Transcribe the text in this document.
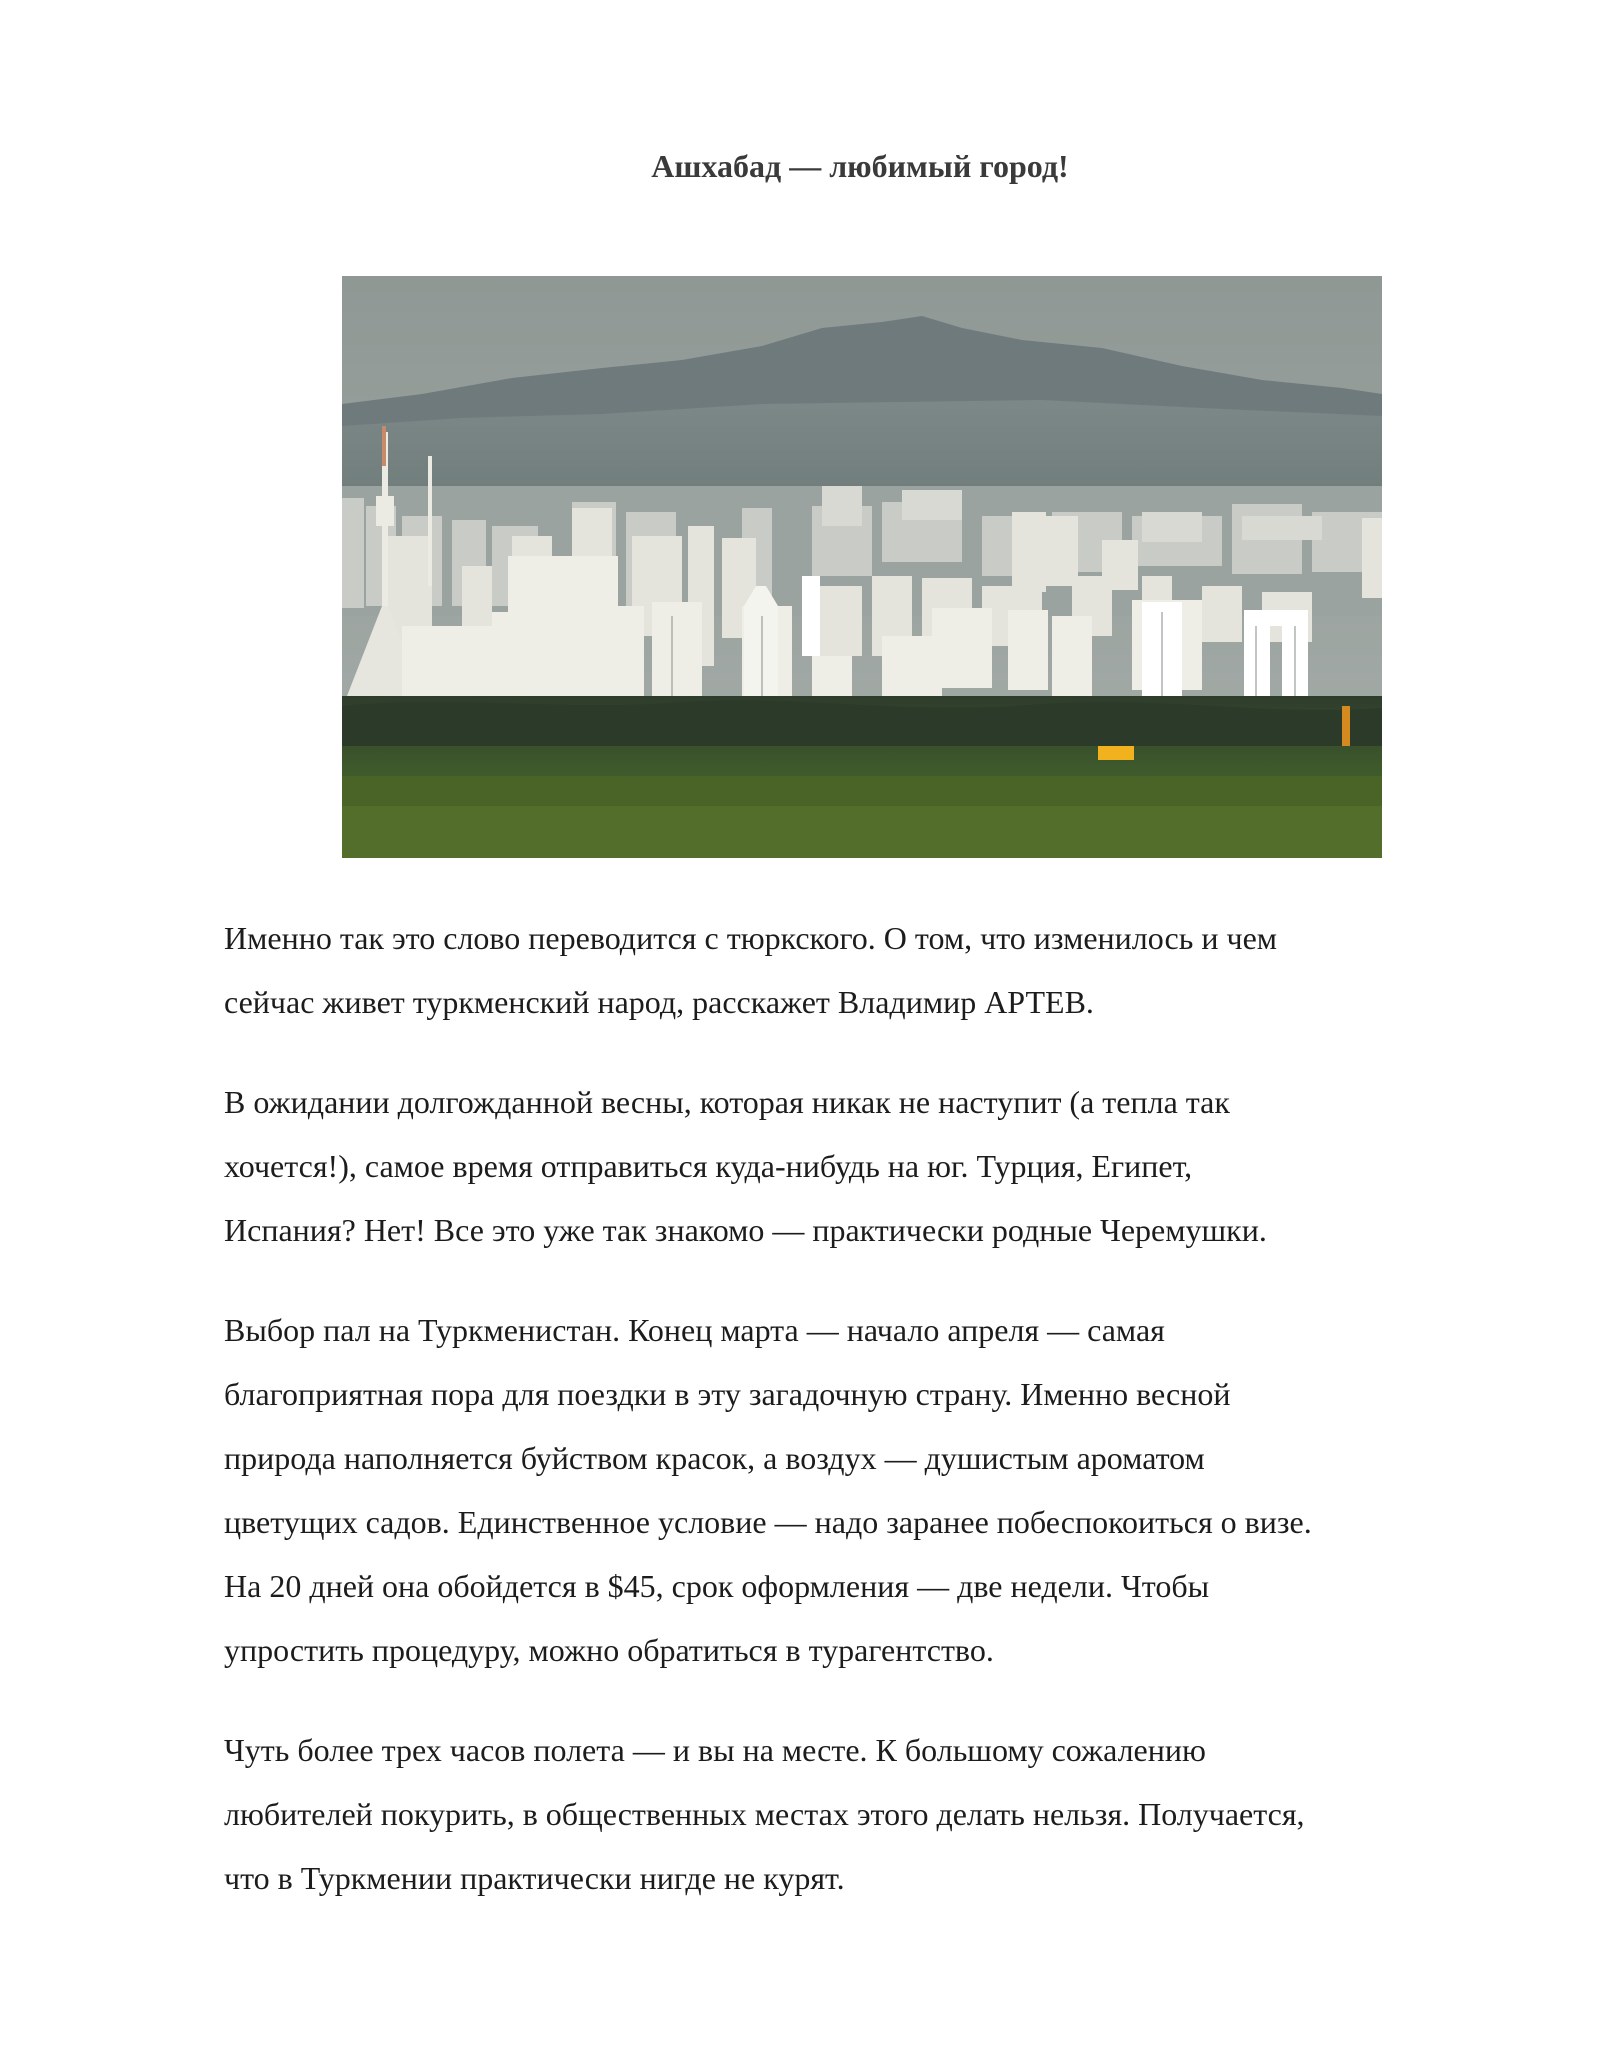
Ашхабад — любимый город!

Именно так это слово переводится с тюркского. О том, что изменилось и чем
сейчас живет туркменский народ, расскажет Владимир АРТЕВ.

В ожидании долгожданной весны, которая никак не наступит (а тепла так
хочется!), самое время отправиться куда-нибудь на юг. Турция, Египет,
Испания? Нет! Все это уже так знакомо — практически родные Черемушки.

Выбор пал на Туркменистан. Конец марта — начало апреля — самая
благоприятная пора для поездки в эту загадочную страну. Именно весной
природа наполняется буйством красок, а воздух — душистым ароматом
цветущих садов. Единственное условие — надо заранее побеспокоиться о визе.
На 20 дней она обойдется в $45, срок оформления — две недели. Чтобы
упростить процедуру, можно обратиться в турагентство.

Чуть более трех часов полета — и вы на месте. К большому сожалению
любителей покурить, в общественных местах этого делать нельзя. Получается,
что в Туркмении практически нигде не курят.
